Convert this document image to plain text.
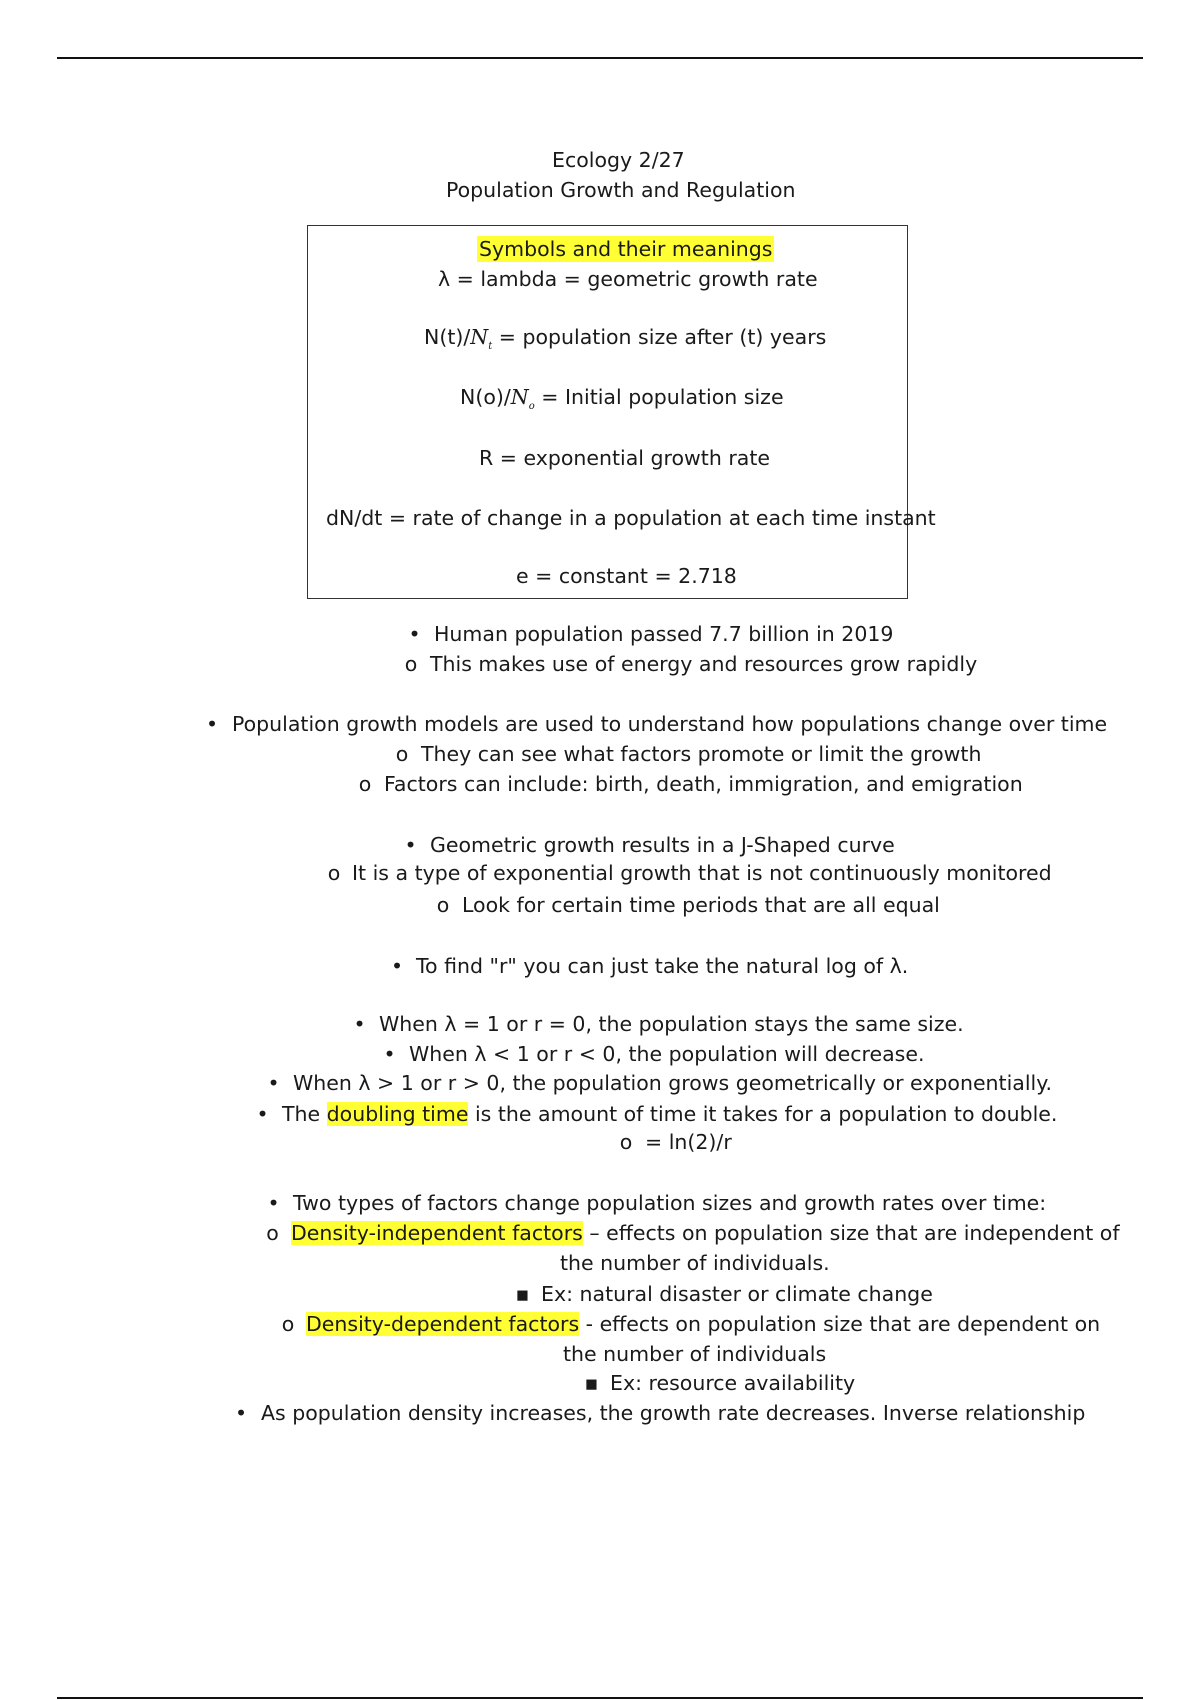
Ecology 2/27
Population Growth and Regulation
Symbols and their meanings
λ = lambda = geometric growth rate
$N(t)/N_t$ = population size after (t) years
$N(o)/N_o$ = Initial population size
R = exponential growth rate
dN/dt = rate of change in a population at each time instant
e = constant = 2.718
• Human population passed 7.7 billion in 2019
o This makes use of energy and resources grow rapidly
• Population growth models are used to understand how populations change over time
o They can see what factors promote or limit the growth
o Factors can include: birth, death, immigration, and emigration
• Geometric growth results in a J-Shaped curve
o It is a type of exponential growth that is not continuously monitored
o Look for certain time periods that are all equal
• To find "r" you can just take the natural log of λ.
• When λ = 1 or r = 0, the population stays the same size.
• When λ < 1 or r < 0, the population will decrease.
• When λ > 1 or r > 0, the population grows geometrically or exponentially.
• The doubling time is the amount of time it takes for a population to double.
o = ln(2)/r
• Two types of factors change population sizes and growth rates over time:
o Density-independent factors – effects on population size that are independent of
the number of individuals.
▪ Ex: natural disaster or climate change
o Density-dependent factors - effects on population size that are dependent on
the number of individuals
▪ Ex: resource availability
• As population density increases, the growth rate decreases. Inverse relationship
